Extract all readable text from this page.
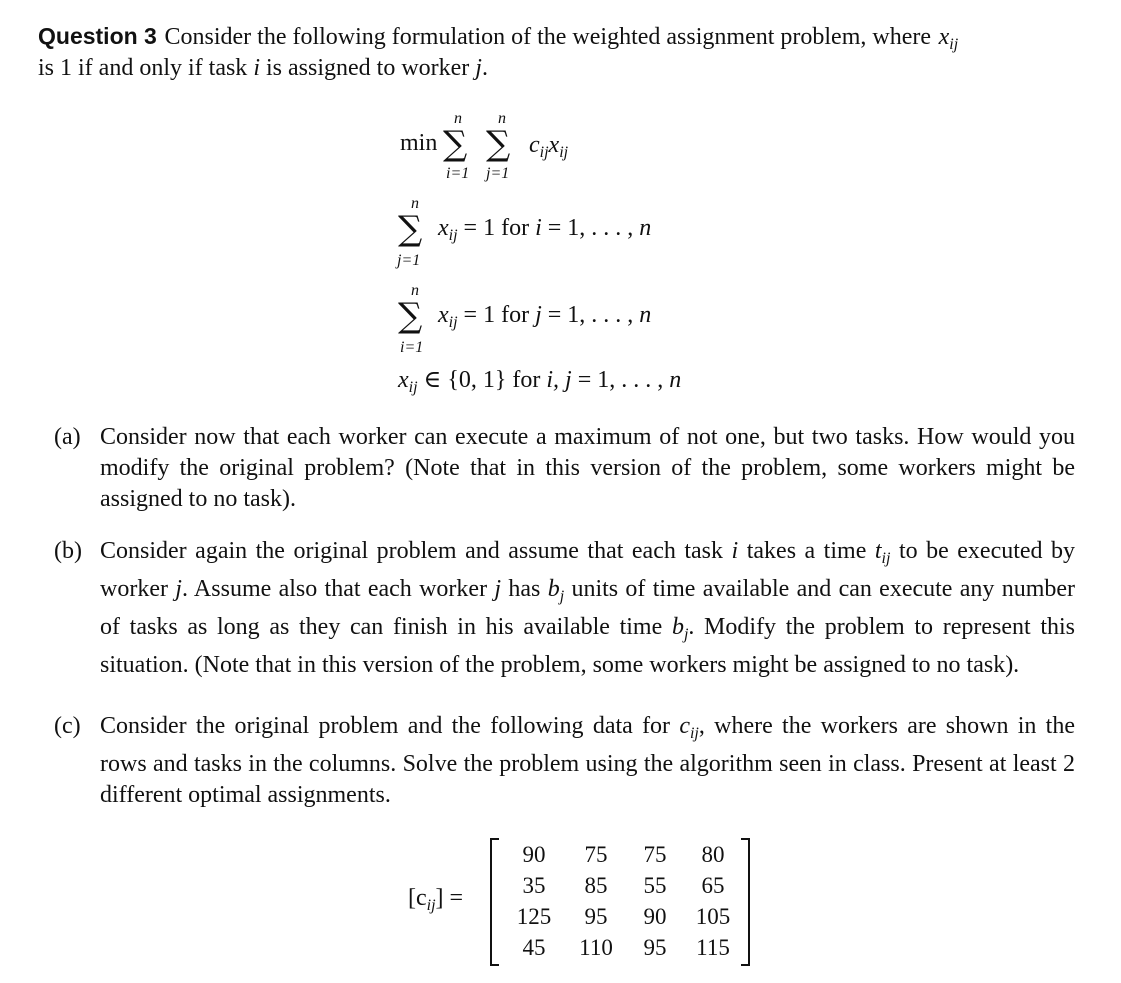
Question 3 Consider the following formulation of the weighted assignment problem, where $x_{ij}$
is 1 if and only if task i is assigned to worker j.
min
n
∑
i=1
n
∑
j=1
$c_{ij}x_{ij}$
n
∑
j=1
$x_{ij} = 1$ for i = 1, . . . , n
n
∑
i=1
$x_{ij} = 1$ for j = 1, . . . , n
$x_{ij}$ ∈ {0, 1} for i, j = 1, . . . , n
(a) Consider now that each worker can execute a maximum of not one, but two tasks. How would you modify the original problem? (Note that in this version of the problem, some workers might be assigned to no task).
(b) Consider again the original problem and assume that each task i takes a time $t_{ij}$ to be executed by worker j. Assume also that each worker j has $b_j$ units of time available and can execute any number of tasks as long as they can finish in his available time $b_j$. Modify the problem to represent this situation. (Note that in this version of the problem, some workers might be assigned to no task).
(c) Consider the original problem and the following data for $c_{ij}$, where the workers are shown in the rows and tasks in the columns. Solve the problem using the algorithm seen in class. Present at least 2 different optimal assignments.
$[c_{ij}]$ =
90	75	75	80
35	85	55	65
125	95	90	105
45	110	95	115
